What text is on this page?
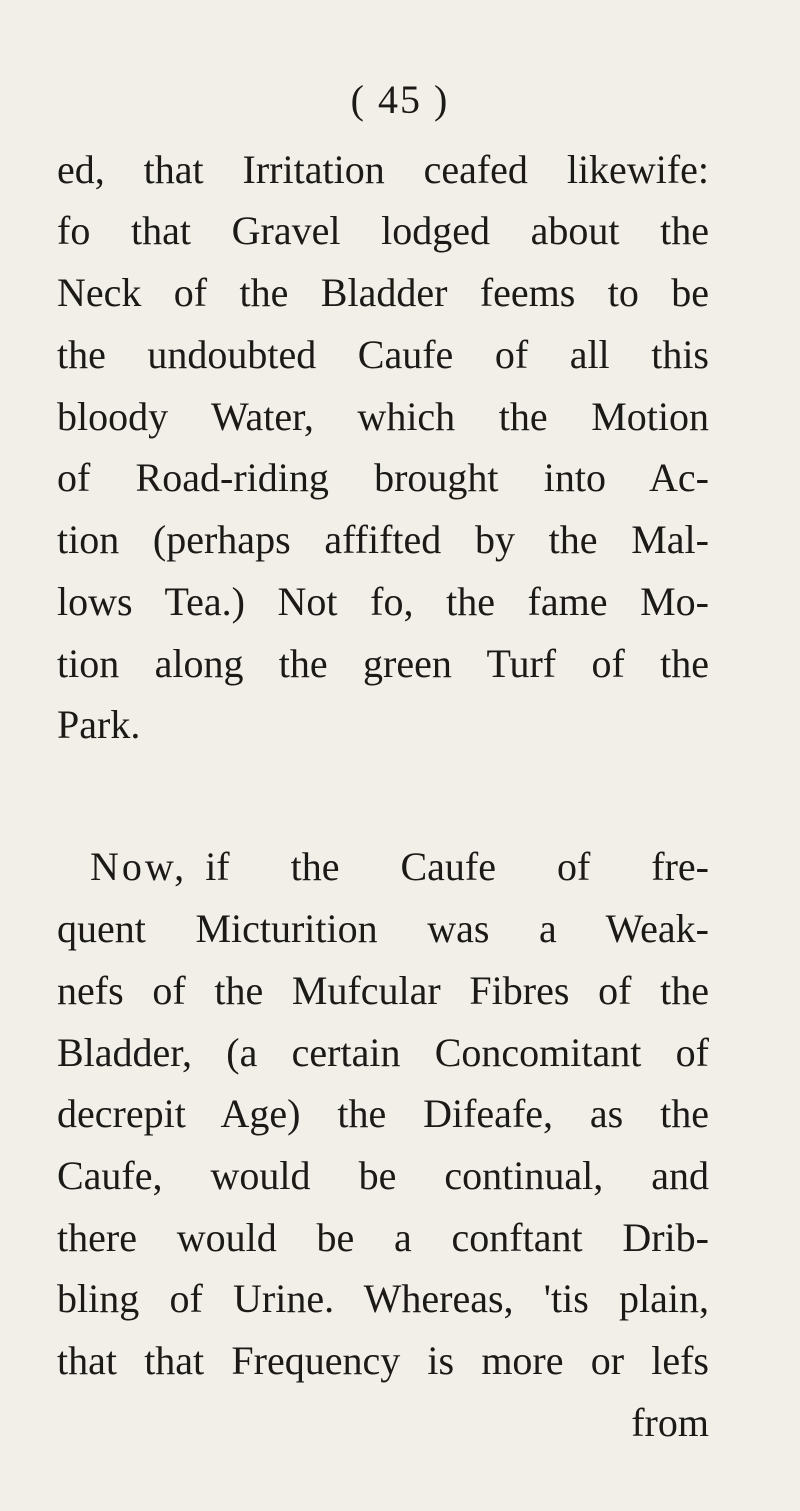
( 45 )
ed, that Irritation ceafed likewife:
fo that Gravel lodged about the
Neck of the Bladder feems to be
the undoubted Caufe of all this
bloody Water, which the Motion
of Road-riding brought into Ac-
tion (perhaps affifted by the Mal-
lows Tea.) Not fo, the fame Mo-
tion along the green Turf of the
Park.
Now, if the Caufe of fre-
quent Micturition was a Weak-
nefs of the Mufcular Fibres of the
Bladder, (a certain Concomitant of
decrepit Age) the Difeafe, as the
Caufe, would be continual, and
there would be a conftant Drib-
bling of Urine. Whereas, 'tis plain,
that that Frequency is more or lefs
from
